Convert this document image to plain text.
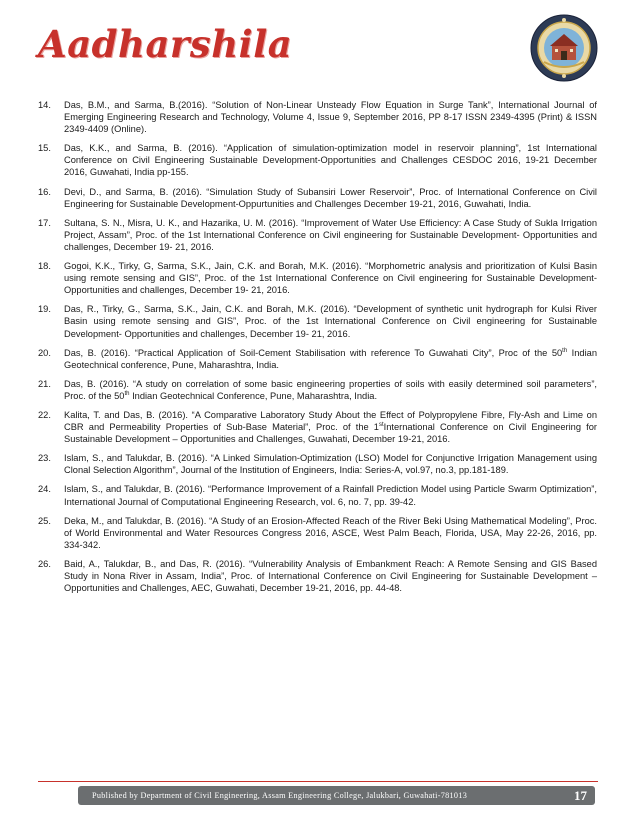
Aadharshila
14.	Das, B.M., and Sarma, B.(2016). “Solution of Non-Linear Unsteady Flow Equation in Surge Tank”, International Journal of Emerging Engineering Research and Technology, Volume 4, Issue 9, September 2016, PP 8-17 ISSN 2349-4395 (Print) & ISSN 2349-4409 (Online).
15.	Das, K.K., and Sarma, B. (2016). “Application of simulation-optimization model in reservoir planning”, 1st International Conference on Civil Engineering Sustainable Development-Opportunities and Challenges CESDOC 2016, 19-21 December 2016, Guwahati, India pp-155.
16.	Devi, D., and Sarma, B. (2016). “Simulation Study of Subansiri Lower Reservoir”, Proc. of International Conference on Civil Engineering for Sustainable Development-Oppurtunities and Challenges December 19-21, 2016, Guwahati, India.
17.	Sultana, S. N., Misra, U. K., and Hazarika, U. M. (2016). “Improvement of Water Use Efficiency: A Case Study of Sukla Irrigation Project, Assam”, Proc. of the 1st International Conference on Civil engineering for Sustainable Development- Opportunities and challenges, December 19- 21, 2016.
18.	Gogoi, K.K., Tirky, G, Sarma, S.K., Jain, C.K. and Borah, M.K. (2016). “Morphometric analysis and prioritization of Kulsi Basin using remote sensing and GIS”, Proc. of the 1st International Conference on Civil engineering for Sustainable Development- Opportunities and challenges, December 19- 21, 2016.
19.	Das, R., Tirky, G., Sarma, S.K., Jain, C.K. and Borah, M.K. (2016). “Development of synthetic unit hydrograph for Kulsi River Basin using remote sensing and GIS”, Proc. of the 1st International Conference on Civil engineering for Sustainable Development- Opportunities and challenges, December 19- 21, 2016.
20.	Das, B. (2016). “Practical Application of Soil-Cement Stabilisation with reference To Guwahati City”, Proc of the 50th Indian Geotechnical conference, Pune, Maharashtra, India.
21.	Das, B. (2016). “A study on correlation of some basic engineering properties of soils with easily determined soil parameters”, Proc. of the 50th Indian Geotechnical Conference, Pune, Maharashtra, India.
22.	Kalita, T. and Das, B. (2016). “A Comparative Laboratory Study About the Effect of Polypropylene Fibre, Fly-Ash and Lime on CBR and Permeability Properties of Sub-Base Material”, Proc. of the 1stInternational Conference on Civil Engineering for Sustainable Development – Opportunities and Challenges, Guwahati, December 19-21, 2016.
23.	Islam, S., and Talukdar, B. (2016). “A Linked Simulation-Optimization (LSO) Model for Conjunctive Irrigation Management using Clonal Selection Algorithm”, Journal of the Institution of Engineers, India: Series-A, vol.97, no.3, pp.181-189.
24.	Islam, S., and Talukdar, B. (2016). “Performance Improvement of a Rainfall Prediction Model using Particle Swarm Optimization”, International Journal of Computational Engineering Research, vol. 6, no. 7, pp. 39-42.
25.	Deka, M., and Talukdar, B. (2016). “A Study of an Erosion-Affected Reach of the River Beki Using Mathematical Modeling”, Proc. of World Environmental and Water Resources Congress 2016, ASCE, West Palm Beach, Florida, USA, May 22-26, 2016, pp. 334-342.
26.	Baid, A., Talukdar, B., and Das, R. (2016). “Vulnerability Analysis of Embankment Reach: A Remote Sensing and GIS Based Study in Nona River in Assam, India”, Proc. of International Conference on Civil Engineering for Sustainable Development – Opportunities and Challenges, AEC, Guwahati, December 19-21, 2016, pp. 44-48.
Published by Department of Civil Engineering, Assam Engineering College, Jalukbari, Guwahati-781013	17
